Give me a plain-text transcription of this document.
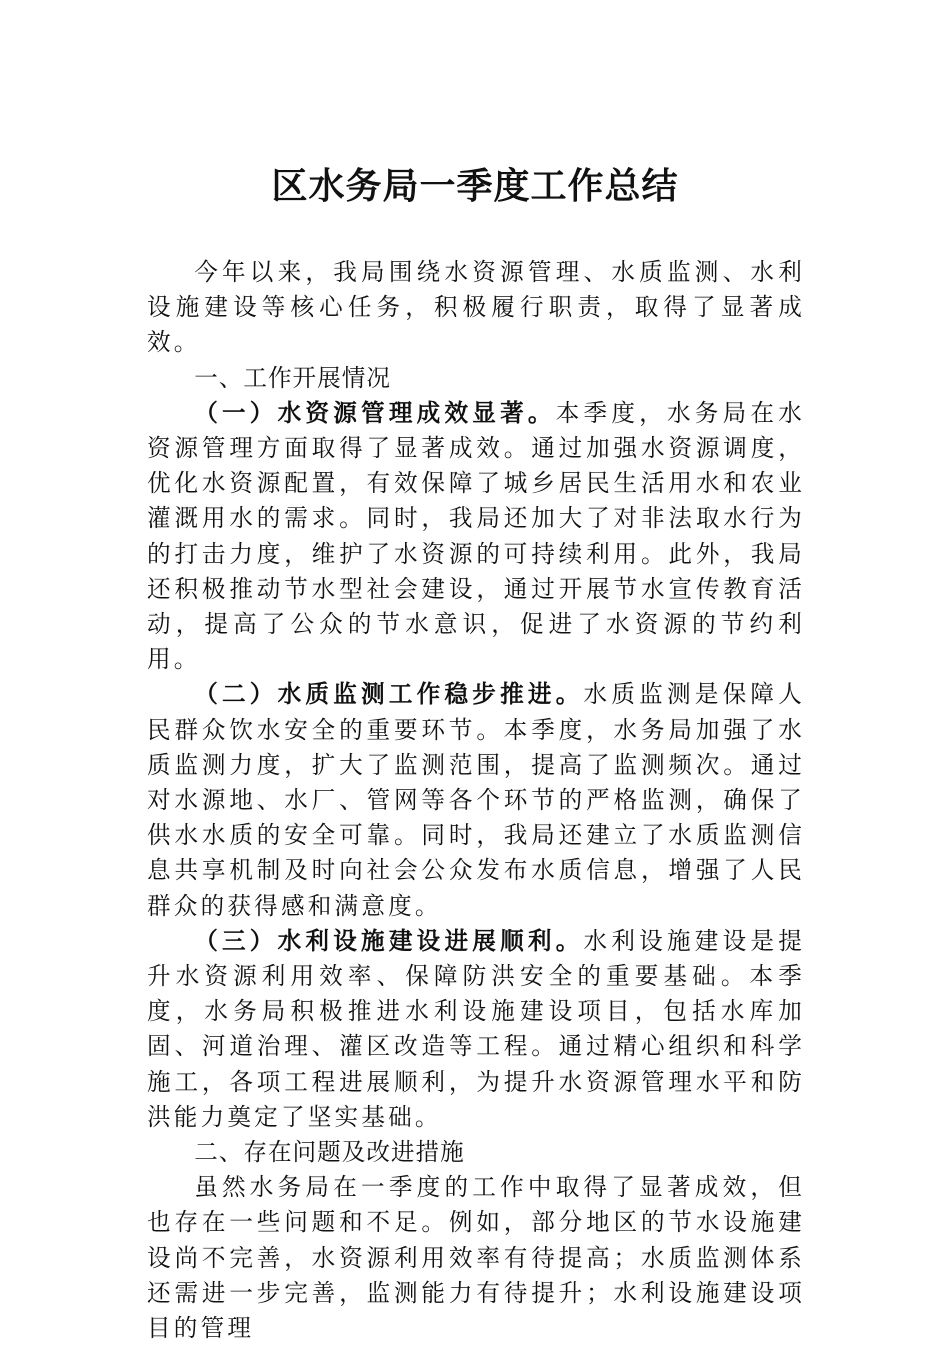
区水务局一季度工作总结

今年以来，我局围绕水资源管理、水质监测、水利设施建设等核心任务，积极履行职责，取得了显著成效。

一、工作开展情况

（一）水资源管理成效显著。本季度，水务局在水资源管理方面取得了显著成效。通过加强水资源调度，优化水资源配置，有效保障了城乡居民生活用水和农业灌溉用水的需求。同时，我局还加大了对非法取水行为的打击力度，维护了水资源的可持续利用。此外，我局还积极推动节水型社会建设，通过开展节水宣传教育活动，提高了公众的节水意识，促进了水资源的节约利用。

（二）水质监测工作稳步推进。水质监测是保障人民群众饮水安全的重要环节。本季度，水务局加强了水质监测力度，扩大了监测范围，提高了监测频次。通过对水源地、水厂、管网等各个环节的严格监测，确保了供水水质的安全可靠。同时，我局还建立了水质监测信息共享机制及时向社会公众发布水质信息，增强了人民群众的获得感和满意度。

（三）水利设施建设进展顺利。水利设施建设是提升水资源利用效率、保障防洪安全的重要基础。本季度，水务局积极推进水利设施建设项目，包括水库加固、河道治理、灌区改造等工程。通过精心组织和科学施工，各项工程进展顺利，为提升水资源管理水平和防洪能力奠定了坚实基础。

二、存在问题及改进措施

虽然水务局在一季度的工作中取得了显著成效，但也存在一些问题和不足。例如，部分地区的节水设施建设尚不完善，水资源利用效率有待提高；水质监测体系还需进一步完善，监测能力有待提升；水利设施建设项目的管理
